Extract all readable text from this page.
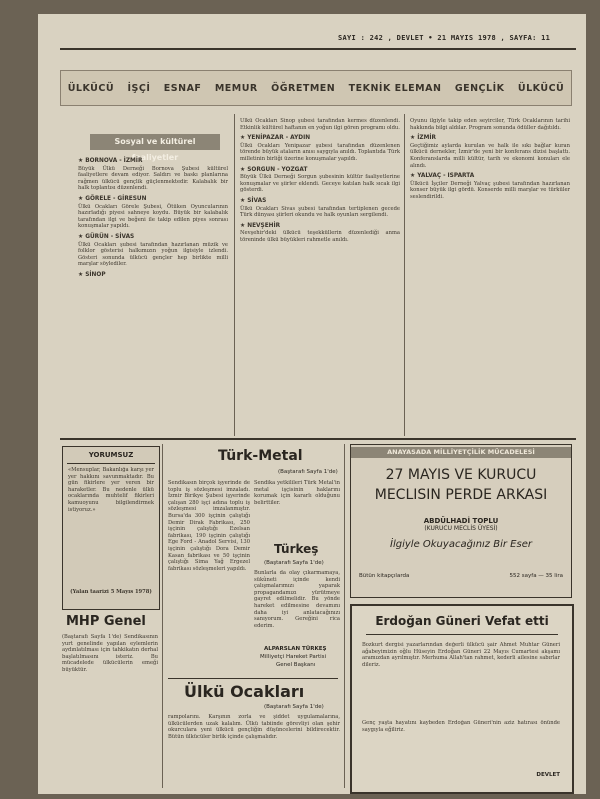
SAYI : 242 , DEVLET • 21 MAYIS 1978 , SAYFA: 11
ÜLKÜCÜ İŞÇİ ESNAF MEMUR ÖĞRETMEN TEKNİK ELEMAN GENÇLİK ÜLKÜCÜ
Sosyal ve kültürel faaliyetler
★ BORNOVA - İZMİR

Büyük Ülkü Derneği Bornova Şubesi kültürel faaliyetlere devam ediyor. Saldırı ve baskı planlarına rağmen ülkücü gençlik güçlenmektedir. Kalabalık bir halk toplantısı düzenlendi.

★ GÖRELE - GİRESUN

Ülkü Ocakları Görele Şubesi, Ötüken Oyuncularının hazırladığı piyesi sahneye koydu. Büyük bir kalabalık tarafından ilgi ve beğeni ile takip edilen piyes sonrası konuşmalar yapıldı.

★ GÜRÜN - SİVAS

Ülkü Ocakları şubesi tarafından hazırlanan müzik ve folklor gösterisi halkımızın yoğun ilgisiyle izlendi. Gösteri sonunda ülkücü gençler hep birlikte milli marşlar söylediler.

★ SİNOP

Ülkü Ocakları Sinop şubesi tarafından kermes düzenlendi. Etkinlik kültürel haftanın en yoğun ilgi gören programı oldu.

★ YENİPAZAR - AYDIN

Ülkü Ocakları Yenipazar şubesi tarafından düzenlenen törende büyük ataların anısı saygıyla anıldı. Toplantıda Türk milletinin birliği üzerine konuşmalar yapıldı.

★ SORGUN - YOZGAT

Büyük Ülkü Derneği Sorgun şubesinin kültür faaliyetlerine konuşmalar ve şiirler eklendi. Geceye katılan halk sıcak ilgi gösterdi.

★ SİVAS

Ülkü Ocakları Sivas şubesi tarafından tertiplenen gecede Türk dünyası şiirleri okundu ve halk oyunları sergilendi.

★ NEVŞEHİR

Nevşehir'deki ülkücü teşekküllerin düzenlediği anma töreninde ülkü büyükleri rahmetle anıldı.

Oyunu ilgiyle takip eden seyirciler, Türk Ocaklarının tarihi hakkında bilgi aldılar. Program sonunda ödüller dağıtıldı.

★ İZMİR

Geçtiğimiz aylarda kurulan ve halk ile sıkı bağlar kuran ülkücü dernekler, İzmir'de yeni bir konferans dizisi başlattı. Konferanslarda milli kültür, tarih ve ekonomi konuları ele alındı.

★ YALVAÇ - ISPARTA

Ülkücü İşçiler Derneği Yalvaç şubesi tarafından hazırlanan konser büyük ilgi gördü. Konserde milli marşlar ve türküler seslendirildi.

YORUMSUZ
«Mensuplar, Bakanlığa karşı yer yer hakkını savunmaktadır. Bu gün fikirlere yer veren bir haraketler. Bu nedenle ülkü ocaklarında muhtelif fikirleri kamuoyunu bilgilendirmek istiyoruz.»
(Yalan taarizi 5 Mayıs 1978)
MHP Genel
(Baştarafı Sayfa 1'de) Sendikasının yurt genelinde yapılan eylemlerin aydınlatılması için tahkikatın derhal başlatılmasını isteriz. Bu mücadelede ülkücülerin emeği büyüktür.
Türk-Metal
(Baştarafı Sayfa 1'de)
Sendikasın birçok işyerinde de toplu iş sözleşmesi imzaladı. İzmir Birikye Şubesi işyerinde çalışan 280 işçi adına toplu iş sözleşmesi imzalanmıştır. Bursa'da 300 işçinin çalıştığı Demir Dirak Fabrikası, 250 işçinin çalıştığı Ezelsan fabrikası, 190 işçinin çalıştığı Ege Ford - Anadol Servisi, 130 işçinin çalıştığı Dora Demir Kasan fabrikası ve 50 işçinin çalıştığı Sima Yağ Ergezel fabrikası sözleşmeleri yapıldı.
Sendika yetkilileri Türk Metal'in metal işçisinin haklarını korumak için kararlı olduğunu belirttiler.
Türkeş
(Baştarafı Sayfa 1'de)
Bunlarla da olay çıkarmamaya, sükûneti içinde kendi çalışmalarımızı yaparak propagandamızı yürütmeye gayret edilmelidir. Bu yönde hareket edilmesine devamını daha iyi anlatacağınızı sanıyorum. Gereğini rica ederim.
ALPARSLAN TÜRKEŞ
Milliyetçi Hareket Partisi
Genel Başkanı
Ülkü Ocakları
(Baştarafı Sayfa 1'de)
rampolarını. Karşının zorla ve şiddet uygulamalarına, ülkücülerden uzak kalalım. Ülkü tabiinde görevliyi olan şehir okurculara yeni ülkücü gençliğin düşüncelerini bildirecektir. Bütün ülkücüler birlik içinde çalışmalıdır.
ANAYASADA MİLLİYETÇİLİK MÜCADELESİ
27 MAYIS VE KURUCU
MECLISIN PERDE ARKASI
ABDÜLHADİ TOPLU
(KURUCU MECLİS ÜYESİ)
İlgiyle Okuyacağınız Bir Eser
Bütün kitapçılarda	552 sayfa — 35 lira
Erdoğan Güneri Vefat etti
Bozkurt dergisi yazarlarından değerli ülkücü şair Ahmet Muhtar Güneri ağabeyimizin oğlu Hüseyin Erdoğan Güneri 22 Mayıs Cumartesi akşamı aramızdan ayrılmıştır. Merhuma Allah'tan rahmet, kederli ailesine sabırlar dileriz.
Genç yaşta hayatını kaybeden Erdoğan Güneri'nin aziz hatırası önünde saygıyla eğiliriz.
DEVLET
